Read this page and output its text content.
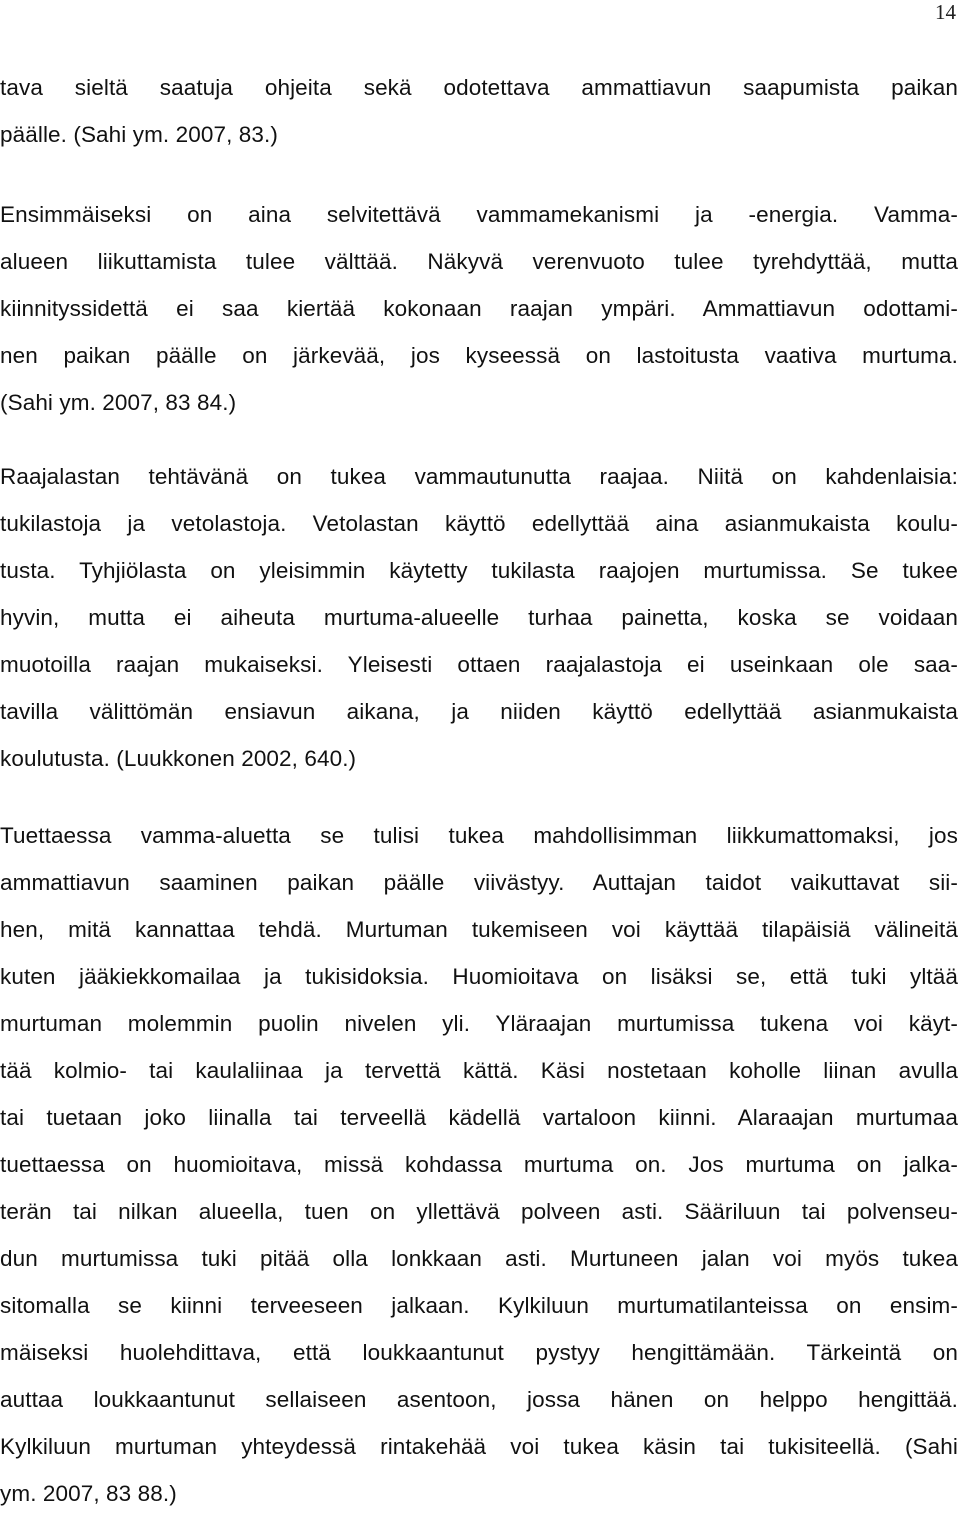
14
tava sieltä saatuja ohjeita sekä odotettava ammattiavun saapumista paikan
päälle. (Sahi ym. 2007, 83.)
Ensimmäiseksi on aina selvitettävä vammamekanismi ja -energia. Vamma-
alueen liikuttamista tulee välttää. Näkyvä verenvuoto tulee tyrehdyttää, mutta
kiinnityssidettä ei saa kiertää kokonaan raajan ympäri. Ammattiavun odottami-
nen paikan päälle on järkevää, jos kyseessä on lastoitusta vaativa murtuma.
(Sahi ym. 2007, 83 84.)
Raajalastan tehtävänä on tukea vammautunutta raajaa. Niitä on kahdenlaisia:
tukilastoja ja vetolastoja. Vetolastan käyttö edellyttää aina asianmukaista koulu-
tusta. Tyhjiölasta on yleisimmin käytetty tukilasta raajojen murtumissa. Se tukee
hyvin, mutta ei aiheuta murtuma-alueelle turhaa painetta, koska se voidaan
muotoilla raajan mukaiseksi. Yleisesti ottaen raajalastoja ei useinkaan ole saa-
tavilla välittömän ensiavun aikana, ja niiden käyttö edellyttää asianmukaista
koulutusta. (Luukkonen 2002, 640.)
Tuettaessa vamma-aluetta se tulisi tukea mahdollisimman liikkumattomaksi, jos
ammattiavun saaminen paikan päälle viivästyy. Auttajan taidot vaikuttavat sii-
hen, mitä kannattaa tehdä. Murtuman tukemiseen voi käyttää tilapäisiä välineitä
kuten jääkiekkomailaa ja tukisidoksia. Huomioitava on lisäksi se, että tuki yltää
murtuman molemmin puolin nivelen yli. Yläraajan murtumissa tukena voi käyt-
tää kolmio- tai kaulaliinaa ja tervettä kättä. Käsi nostetaan koholle liinan avulla
tai tuetaan joko liinalla tai terveellä kädellä vartaloon kiinni. Alaraajan murtumaa
tuettaessa on huomioitava, missä kohdassa murtuma on. Jos murtuma on jalka-
terän tai nilkan alueella, tuen on yllettävä polveen asti. Sääriluun tai polvenseu-
dun murtumissa tuki pitää olla lonkkaan asti. Murtuneen jalan voi myös tukea
sitomalla se kiinni terveeseen jalkaan. Kylkiluun murtumatilanteissa on ensim-
mäiseksi huolehdittava, että loukkaantunut pystyy hengittämään. Tärkeintä on
auttaa loukkaantunut sellaiseen asentoon, jossa hänen on helppo hengittää.
Kylkiluun murtuman yhteydessä rintakehää voi tukea käsin tai tukisiteellä. (Sahi
ym. 2007, 83 88.)
